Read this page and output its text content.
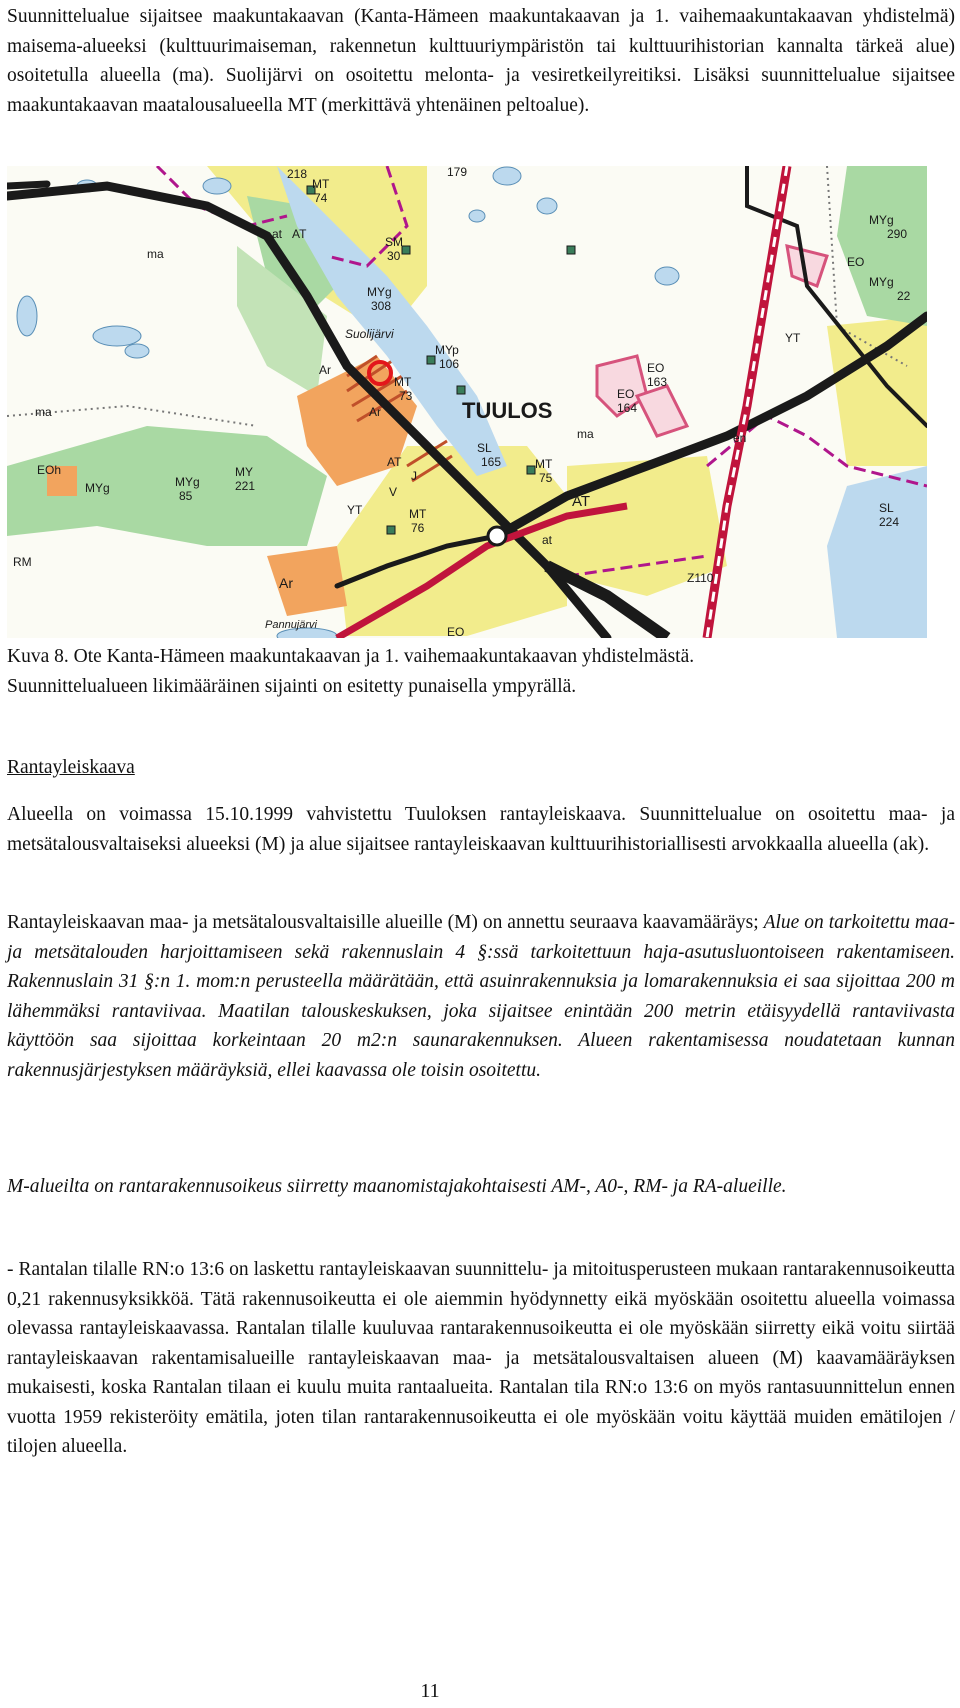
Suunnittelualue sijaitsee maakuntakaavan (Kanta-Hämeen maakuntakaavan ja 1. vaihemaakuntakaavan yhdistelmä) maisema-alueeksi (kulttuurimaiseman, rakennetun kulttuuriympäristön tai kulttuurihistorian kannalta tärkeä alue) osoitetulla alueella (ma). Suolijärvi on osoitettu melonta- ja vesiretkeilyreitiksi. Lisäksi suunnittelualue sijaitsee maakuntakaavan maatalousalueella MT (merkittävä yhtenäinen peltoalue).

TUULOS
Suolijärvi
Pannujärvi
ma
ma
ma
at AT
AT
at
AT
MT
74
MT
73
MT
75
MT
76
SM
30
MYg
308
MYp
106
MYg
85
MY
221
MYg
MYg
290
MYg
22
Ar
Ar
Ar
YT
YT
EO
163
EO
164
EO
EO
EOh
SL
165
SL
224
en
Z110
179
218
RM
V
J

Kuva 8. Ote Kanta-Hämeen maakuntakaavan ja 1. vaihemaakuntakaavan yhdistelmästä.
Suunnittelualueen likimääräinen sijainti on esitetty punaisella ympyrällä.

Rantayleiskaava

Alueella on voimassa 15.10.1999 vahvistettu Tuuloksen rantayleiskaava. Suunnittelualue on osoitettu maa- ja metsätalousvaltaiseksi alueeksi (M) ja alue sijaitsee rantayleiskaavan kulttuurihistoriallisesti arvokkaalla alueella (ak).

Rantayleiskaavan maa- ja metsätalousvaltaisille alueille (M) on annettu seuraava kaavamääräys; Alue on tarkoitettu maa- ja metsätalouden harjoittamiseen sekä rakennuslain 4 §:ssä tarkoitettuun haja-asutusluontoiseen rakentamiseen. Rakennuslain 31 §:n 1. mom:n perusteella määrätään, että asuinrakennuksia ja lomarakennuksia ei saa sijoittaa 200 m lähemmäksi rantaviivaa. Maatilan talouskeskuksen, joka sijaitsee enintään 200 metrin etäisyydellä rantaviivasta käyttöön saa sijoittaa korkeintaan 20 m2:n saunarakennuksen. Alueen rakentamisessa noudatetaan kunnan rakennusjärjestyksen määräyksiä, ellei kaavassa ole toisin osoitettu.

M-alueilta on rantarakennusoikeus siirretty maanomistajakohtaisesti AM-, A0-, RM- ja RA-alueille.

- Rantalan tilalle RN:o 13:6 on laskettu rantayleiskaavan suunnittelu- ja mitoitusperusteen mukaan rantarakennusoikeutta 0,21 rakennusyksikköä. Tätä rakennusoikeutta ei ole aiemmin hyödynnetty eikä myöskään osoitettu alueella voimassa olevassa rantayleiskaavassa. Rantalan tilalle kuuluvaa rantarakennusoikeutta ei ole myöskään siirretty eikä voitu siirtää rantayleiskaavan rakentamisalueille rantayleiskaavan maa- ja metsätalousvaltaisen alueen (M) kaavamääräyksen mukaisesti, koska Rantalan tilaan ei kuulu muita rantaalueita. Rantalan tila RN:o 13:6 on myös rantasuunnittelun ennen vuotta 1959 rekisteröity emätila, joten tilan rantarakennusoikeutta ei ole myöskään voitu käyttää muiden emätilojen / tilojen alueella.

11
